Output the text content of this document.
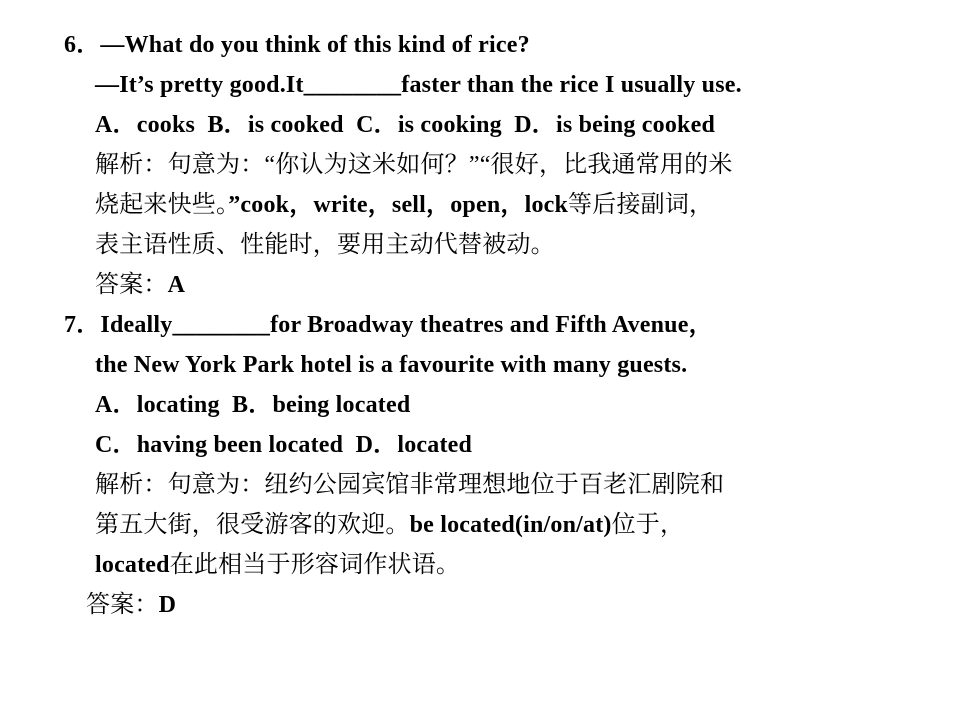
6．—What do you think of this kind of rice?
—It’s pretty good.It________faster than the rice I usually use.
A．cooks  B．is cooked  C．is cooking  D．is being cooked
解析：句意为：“你认为这米如何？”“很好，比我通常用的米
烧起来快些。”cook，write，sell，open，lock等后接副词，
表主语性质、性能时，要用主动代替被动。
答案：A
7．Ideally________for Broadway theatres and Fifth Avenue，
the New York Park hotel is a favourite with many guests.
A．locating  B．being located
C．having been located  D．located
解析：句意为：纽约公园宾馆非常理想地位于百老汇剧院和
第五大街，很受游客的欢迎。be located(in/on/at)位于，
located在此相当于形容词作状语。
答案：D
